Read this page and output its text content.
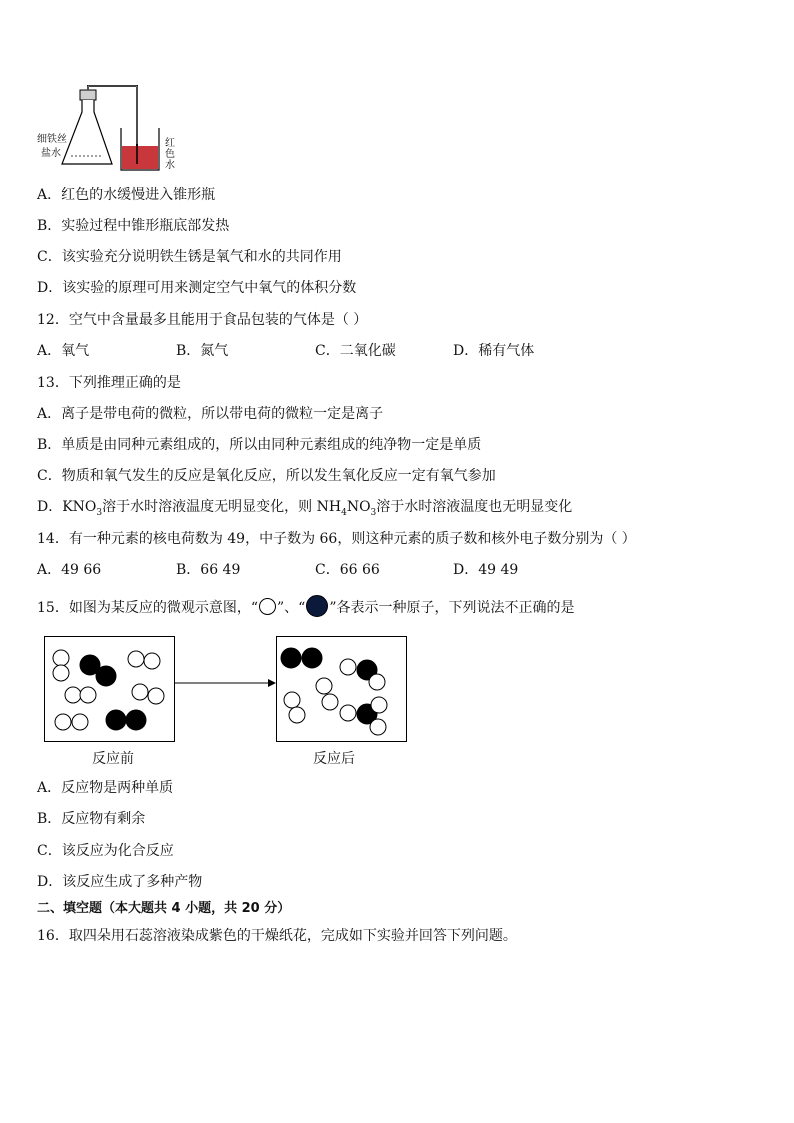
细铁丝
盐水
红色水
A．红色的水缓慢进入锥形瓶
B．实验过程中锥形瓶底部发热
C．该实验充分说明铁生锈是氧气和水的共同作用
D．该实验的原理可用来测定空气中氧气的体积分数
12．空气中含量最多且能用于食品包装的气体是（ ）
A．氧气	B．氮气	C．二氧化碳	D．稀有气体
13．下列推理正确的是
A．离子是带电荷的微粒，所以带电荷的微粒一定是离子
B．单质是由同种元素组成的，所以由同种元素组成的纯净物一定是单质
C．物质和氧气发生的反应是氧化反应，所以发生氧化反应一定有氧气参加
D．$KNO_3$溶于水时溶液温度无明显变化，则 $NH_4NO_3$溶于水时溶液温度也无明显变化
14．有一种元素的核电荷数为 49，中子数为 66，则这种元素的质子数和核外电子数分别为（ ）
A．49 66	B．66 49	C．66 66	D．49 49
15．如图为某反应的微观示意图，“ ”、“ ”各表示一种原子，下列说法不正确的是
反应前	反应后
A．反应物是两种单质
B．反应物有剩余
C．该反应为化合反应
D．该反应生成了多种产物
二、填空题（本大题共 4 小题，共 20 分）
16．取四朵用石蕊溶液染成紫色的干燥纸花，完成如下实验并回答下列问题。
